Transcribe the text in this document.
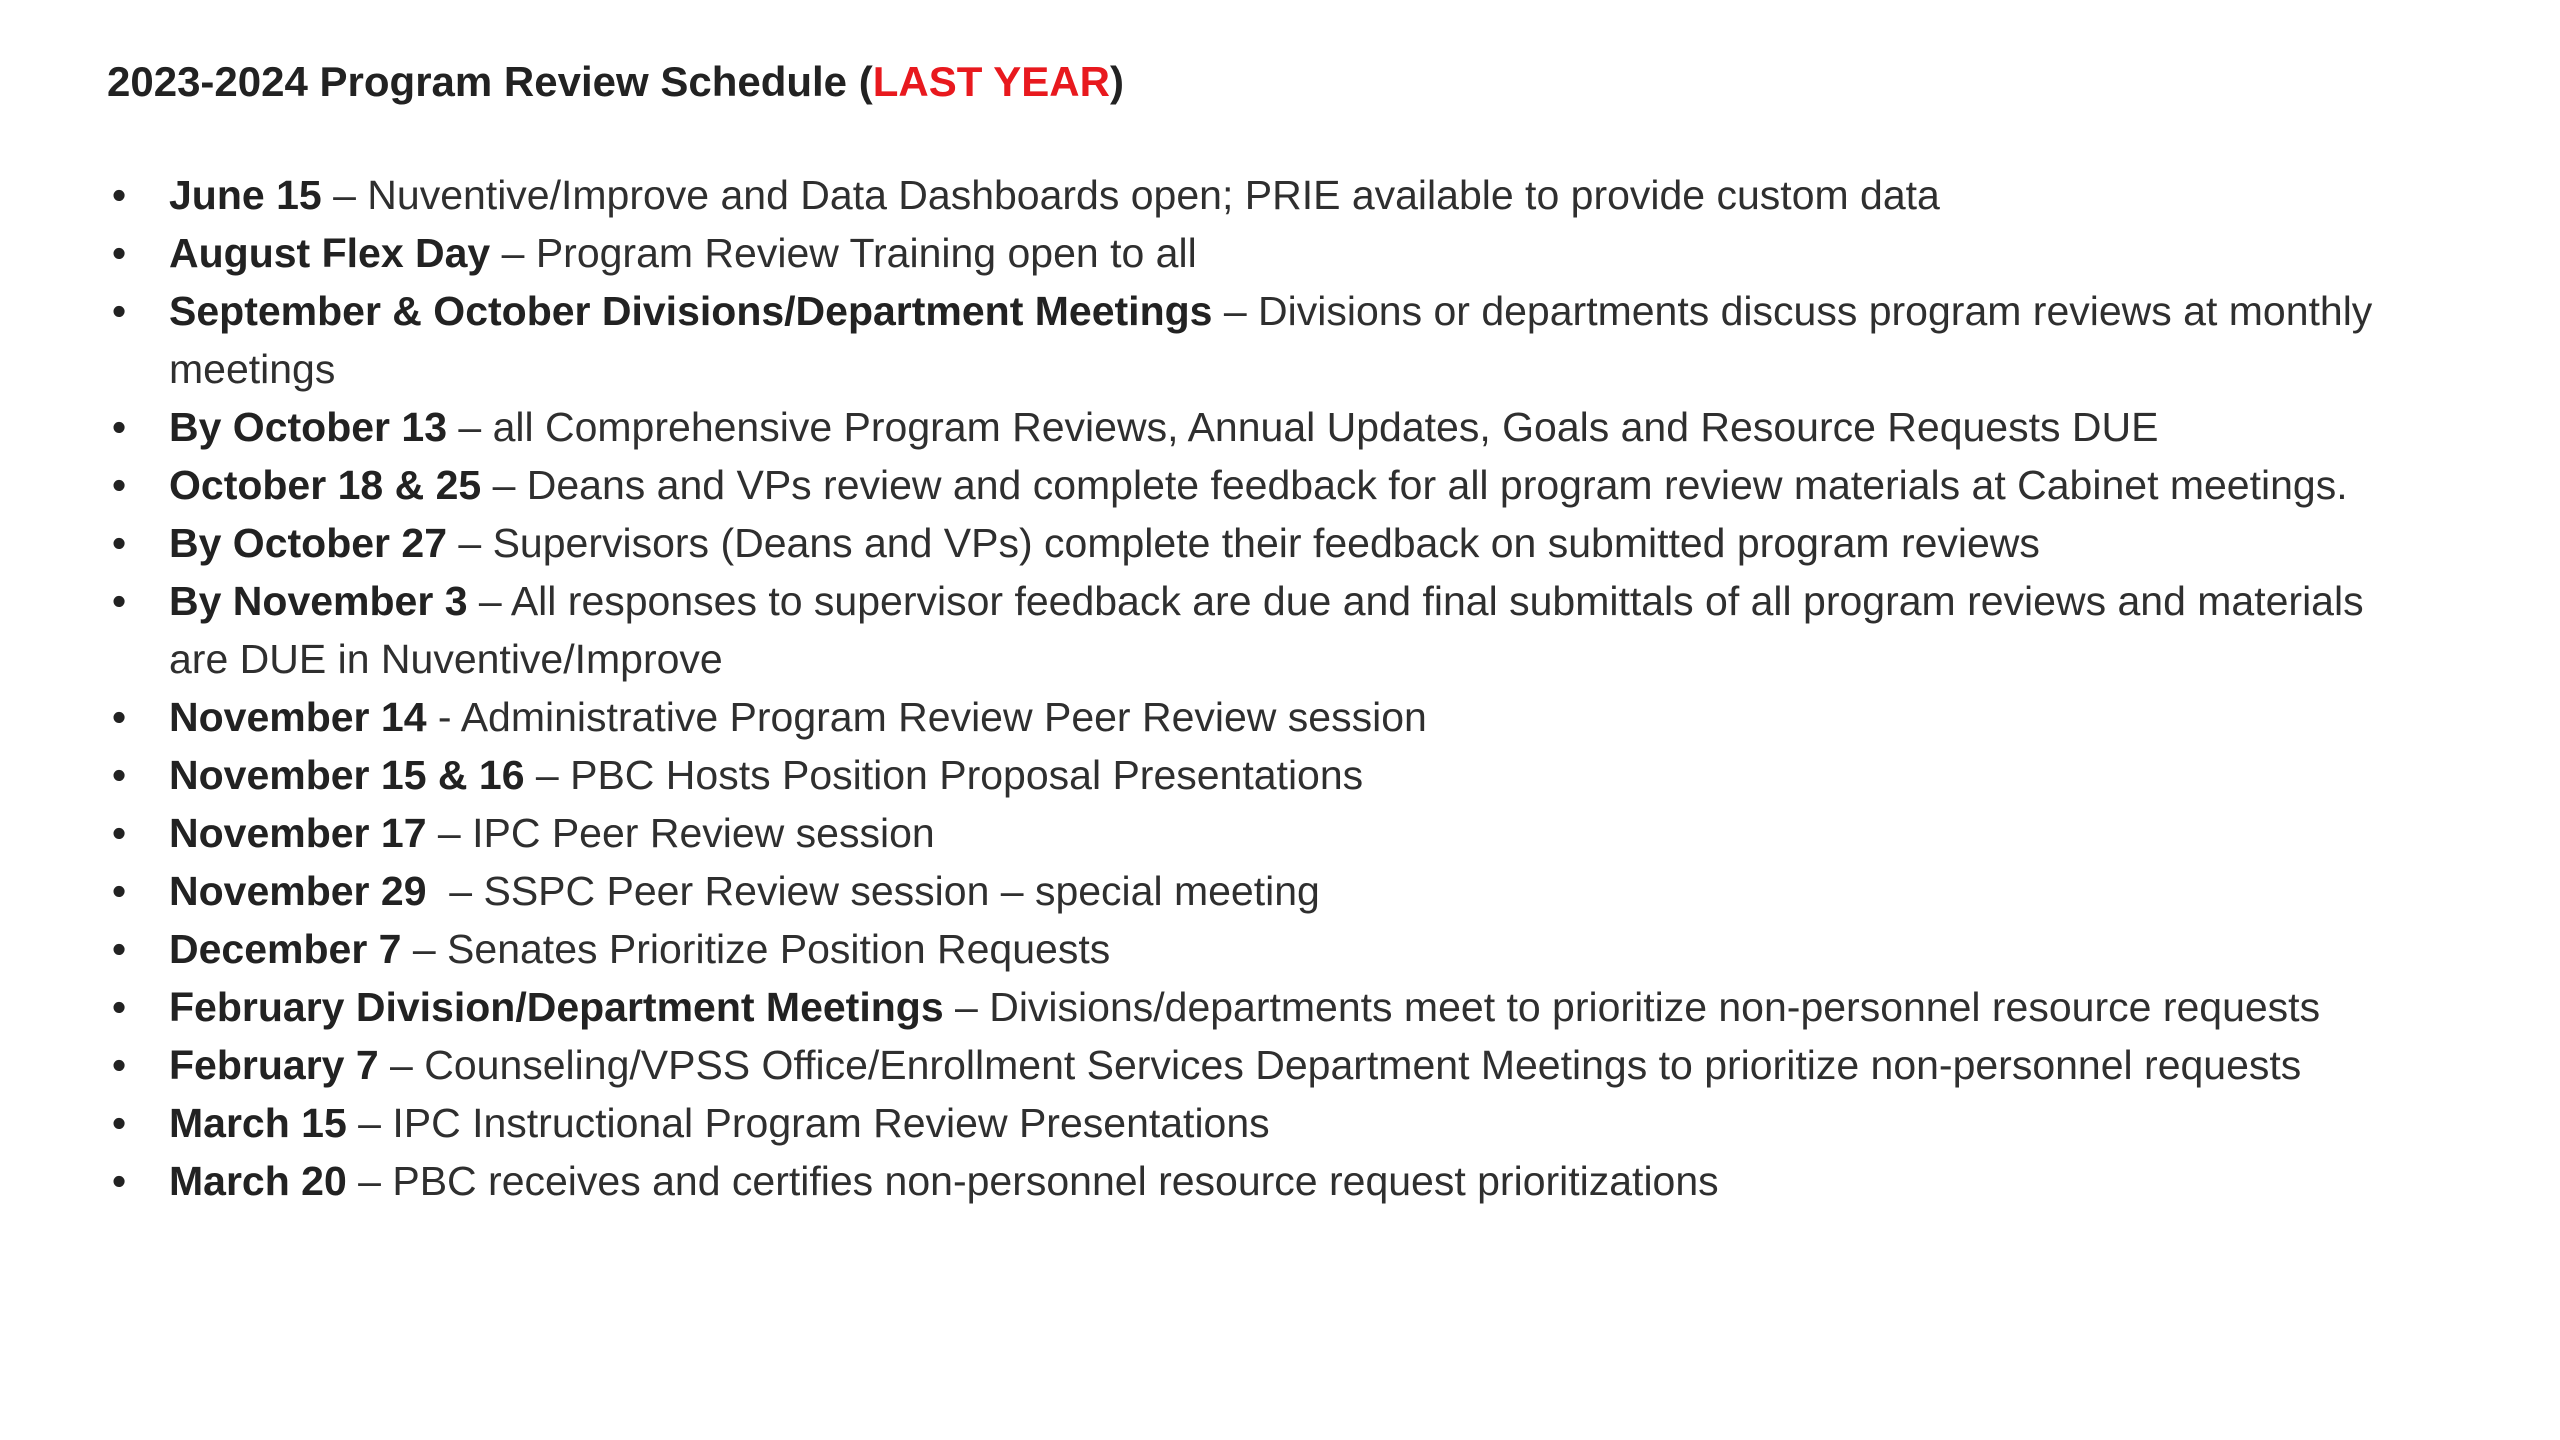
2023-2024 Program Review Schedule (LAST YEAR)
• June 15 – Nuventive/Improve and Data Dashboards open; PRIE available to provide custom data
• August Flex Day – Program Review Training open to all
• September & October Divisions/Department Meetings – Divisions or departments discuss program reviews at monthly meetings
• By October 13 – all Comprehensive Program Reviews, Annual Updates, Goals and Resource Requests DUE
• October 18 & 25 – Deans and VPs review and complete feedback for all program review materials at Cabinet meetings.
• By October 27 – Supervisors (Deans and VPs) complete their feedback on submitted program reviews
• By November 3 – All responses to supervisor feedback are due and final submittals of all program reviews and materials are DUE in Nuventive/Improve
• November 14 - Administrative Program Review Peer Review session
• November 15 & 16 – PBC Hosts Position Proposal Presentations
• November 17 – IPC Peer Review session
• November 29  – SSPC Peer Review session – special meeting
• December 7 – Senates Prioritize Position Requests
• February Division/Department Meetings – Divisions/departments meet to prioritize non-personnel resource requests
• February 7 – Counseling/VPSS Office/Enrollment Services Department Meetings to prioritize non-personnel requests
• March 15 – IPC Instructional Program Review Presentations
• March 20 – PBC receives and certifies non-personnel resource request prioritizations
